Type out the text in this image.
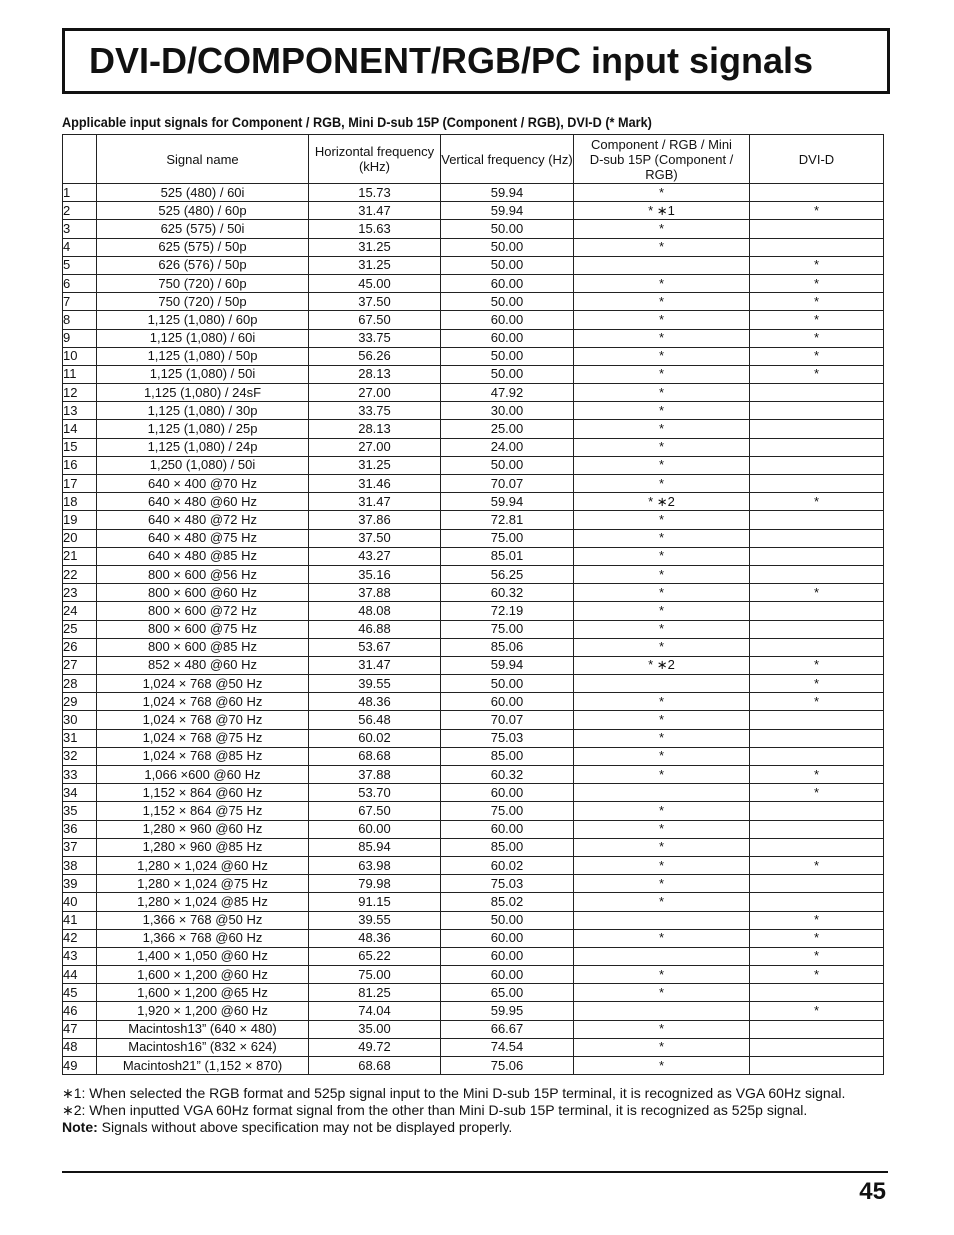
DVI-D/COMPONENT/RGB/PC input signals
Applicable input signals for Component / RGB, Mini D-sub 15P (Component / RGB), DVI-D (* Mark)
	Signal name	Horizontal frequency (kHz)	Vertical frequency (Hz)	Component / RGB / Mini D-sub 15P (Component / RGB)	DVI-D
1	525 (480) / 60i	15.73	59.94	*	
2	525 (480) / 60p	31.47	59.94	* ∗1	*
3	625 (575) / 50i	15.63	50.00	*	
4	625 (575) / 50p	31.25	50.00	*	
5	626 (576) / 50p	31.25	50.00		*
6	750 (720) / 60p	45.00	60.00	*	*
7	750 (720) / 50p	37.50	50.00	*	*
8	1,125 (1,080) / 60p	67.50	60.00	*	*
9	1,125 (1,080) / 60i	33.75	60.00	*	*
10	1,125 (1,080) / 50p	56.26	50.00	*	*
11	1,125 (1,080) / 50i	28.13	50.00	*	*
12	1,125 (1,080) / 24sF	27.00	47.92	*	
13	1,125 (1,080) / 30p	33.75	30.00	*	
14	1,125 (1,080) / 25p	28.13	25.00	*	
15	1,125 (1,080) / 24p	27.00	24.00	*	
16	1,250 (1,080) / 50i	31.25	50.00	*	
17	640 × 400 @70 Hz	31.46	70.07	*	
18	640 × 480 @60 Hz	31.47	59.94	* ∗2	*
19	640 × 480 @72 Hz	37.86	72.81	*	
20	640 × 480 @75 Hz	37.50	75.00	*	
21	640 × 480 @85 Hz	43.27	85.01	*	
22	800 × 600 @56 Hz	35.16	56.25	*	
23	800 × 600 @60 Hz	37.88	60.32	*	*
24	800 × 600 @72 Hz	48.08	72.19	*	
25	800 × 600 @75 Hz	46.88	75.00	*	
26	800 × 600 @85 Hz	53.67	85.06	*	
27	852 × 480 @60 Hz	31.47	59.94	* ∗2	*
28	1,024 × 768 @50 Hz	39.55	50.00		*
29	1,024 × 768 @60 Hz	48.36	60.00	*	*
30	1,024 × 768 @70 Hz	56.48	70.07	*	
31	1,024 × 768 @75 Hz	60.02	75.03	*	
32	1,024 × 768 @85 Hz	68.68	85.00	*	
33	1,066 ×600 @60 Hz	37.88	60.32	*	*
34	1,152 × 864 @60 Hz	53.70	60.00		*
35	1,152 × 864 @75 Hz	67.50	75.00	*	
36	1,280 × 960 @60 Hz	60.00	60.00	*	
37	1,280 × 960 @85 Hz	85.94	85.00	*	
38	1,280 × 1,024 @60 Hz	63.98	60.02	*	*
39	1,280 × 1,024 @75 Hz	79.98	75.03	*	
40	1,280 × 1,024 @85 Hz	91.15	85.02	*	
41	1,366 × 768 @50 Hz	39.55	50.00		*
42	1,366 × 768 @60 Hz	48.36	60.00	*	*
43	1,400 × 1,050 @60 Hz	65.22	60.00		*
44	1,600 × 1,200 @60 Hz	75.00	60.00	*	*
45	1,600 × 1,200 @65 Hz	81.25	65.00	*	
46	1,920 × 1,200 @60 Hz	74.04	59.95		*
47	Macintosh13” (640 × 480)	35.00	66.67	*	
48	Macintosh16” (832 × 624)	49.72	74.54	*	
49	Macintosh21” (1,152 × 870)	68.68	75.06	*	
∗1: When selected the RGB format and 525p signal input to the Mini D-sub 15P terminal, it is recognized as VGA 60Hz signal.
∗2: When inputted VGA 60Hz format signal from the other than Mini D-sub 15P terminal, it is recognized as 525p signal.
Note: Signals without above specification may not be displayed properly.
45
